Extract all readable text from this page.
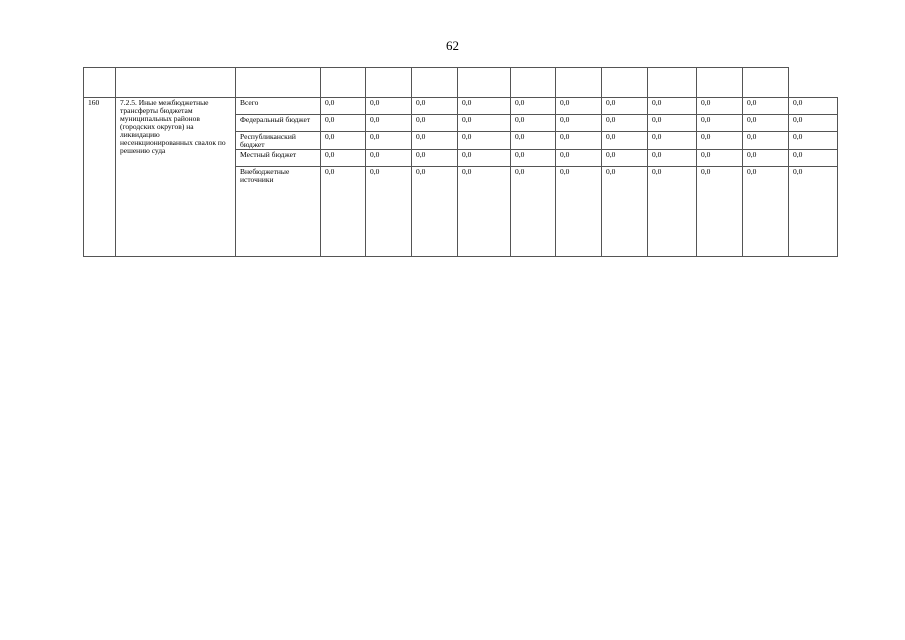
62

160	7.2.5. Иные межбюджетные трансферты бюджетам муниципальных районов (городских округов) на ликвидацию несенкционированных свалок по решению суда	Всего	0,0	0,0	0,0	0,0	0,0	0,0	0,0	0,0	0,0	0,0	0,0
		Федеральный бюджет	0,0	0,0	0,0	0,0	0,0	0,0	0,0	0,0	0,0	0,0	0,0
		Республиканский бюджет	0,0	0,0	0,0	0,0	0,0	0,0	0,0	0,0	0,0	0,0	0,0
		Местный бюджет	0,0	0,0	0,0	0,0	0,0	0,0	0,0	0,0	0,0	0,0	0,0
		Внебюджетные источники	0,0	0,0	0,0	0,0	0,0	0,0	0,0	0,0	0,0	0,0	0,0
